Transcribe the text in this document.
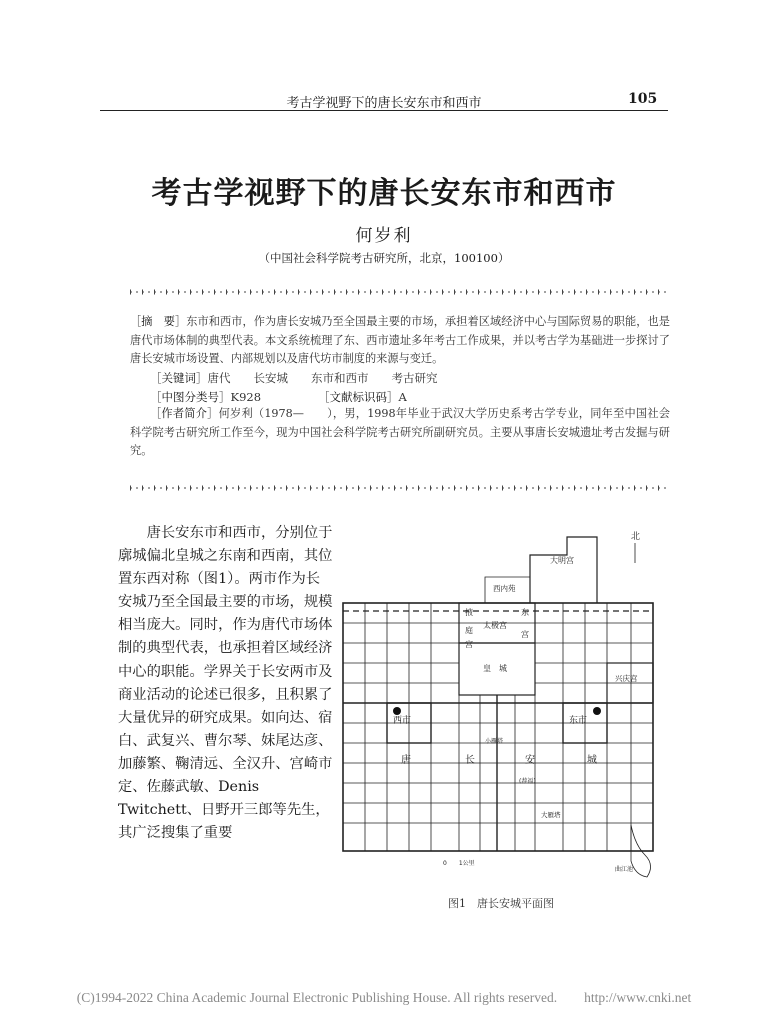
考古学视野下的唐长安东市和西市	105
考古学视野下的唐长安东市和西市
何岁利
（中国社会科学院考古研究所，北京，100100）
［摘　要］东市和西市，作为唐长安城乃至全国最主要的市场，承担着区域经济中心与国际贸易的职能，也是唐代市场体制的典型代表。本文系统梳理了东、西市遗址多年考古工作成果，并以考古学为基础进一步探讨了唐长安城市场设置、内部规划以及唐代坊市制度的来源与变迁。
［关键词］唐代　　长安城　　东市和西市　　考古研究
［中图分类号］K928	［文献标识码］A
［作者简介］何岁利（1978—　　），男，1998年毕业于武汉大学历史系考古学专业，同年至中国社会科学院考古研究所工作至今，现为中国社会科学院考古研究所副研究员。主要从事唐长安城遗址考古发掘与研究。

唐长安东市和西市，分别位于廓城偏北皇城之东南和西南，其位置东西对称（图1）。两市作为长安城乃至全国最主要的市场，规模相当庞大。同时，作为唐代市场体制的典型代表，也承担着区域经济中心的职能。学界关于长安两市及商业活动的论述已很多，且积累了大量优异的研究成果。如向达、宿白、武复兴、曹尔琴、妹尾达彦、加藤繁、鞠清远、全汉升、宫崎市定、佐藤武敏、Denis Twitchett、日野开三郎等先生，其广泛搜集了重要

北
大明宫
西内苑
掖	东
庭
宫
太极宫
宫
皇　城
兴庆宫
西市	东市
唐	长	安	城
大雁塔
小雁塔
(荐福)
曲江池
0　　1公里
图1　唐长安城平面图
(C)1994-2022 China Academic Journal Electronic Publishing House. All rights reserved.　　http://www.cnki.net
